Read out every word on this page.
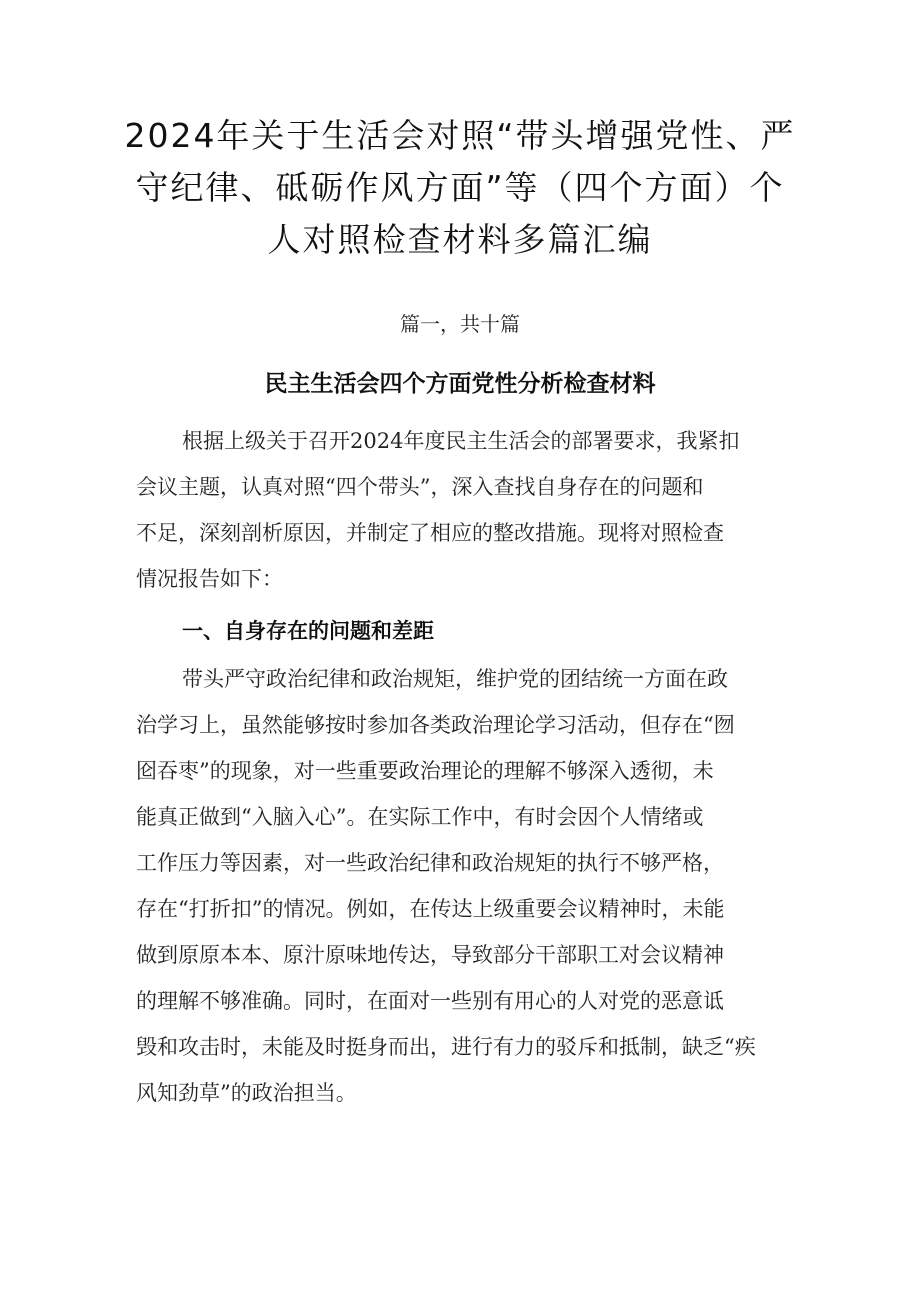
2024年关于生活会对照“带头增强党性、严
守纪律、砥砺作风方面”等（四个方面）个
人对照检查材料多篇汇编
篇一，共十篇
民主生活会四个方面党性分析检查材料
根据上级关于召开2024年度民主生活会的部署要求，我紧扣
会议主题，认真对照“四个带头”，深入查找自身存在的问题和
不足，深刻剖析原因，并制定了相应的整改措施。现将对照检查
情况报告如下：
一、自身存在的问题和差距
带头严守政治纪律和政治规矩，维护党的团结统一方面在政
治学习上，虽然能够按时参加各类政治理论学习活动，但存在“囫
囵吞枣”的现象，对一些重要政治理论的理解不够深入透彻，未
能真正做到“入脑入心”。在实际工作中，有时会因个人情绪或
工作压力等因素，对一些政治纪律和政治规矩的执行不够严格，
存在“打折扣”的情况。例如，在传达上级重要会议精神时，未能
做到原原本本、原汁原味地传达，导致部分干部职工对会议精神
的理解不够准确。同时，在面对一些别有用心的人对党的恶意诋
毁和攻击时，未能及时挺身而出，进行有力的驳斥和抵制，缺乏“疾
风知劲草”的政治担当。
